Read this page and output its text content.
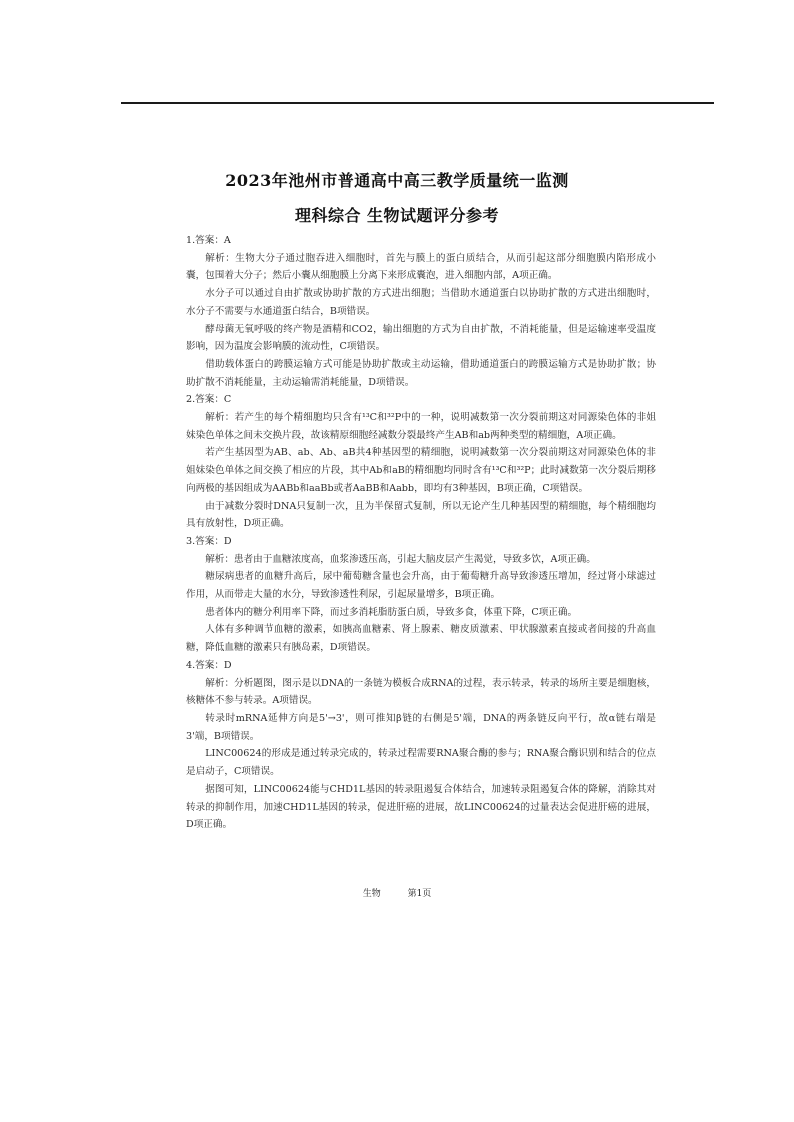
2023年池州市普通高中高三教学质量统一监测
理科综合 生物试题评分参考

1.答案：A

解析：生物大分子通过胞吞进入细胞时，首先与膜上的蛋白质结合，从而引起这部分细胞膜内陷形成小囊，包围着大分子；然后小囊从细胞膜上分离下来形成囊泡，进入细胞内部，A项正确。

水分子可以通过自由扩散或协助扩散的方式进出细胞；当借助水通道蛋白以协助扩散的方式进出细胞时，水分子不需要与水通道蛋白结合，B项错误。

酵母菌无氧呼吸的终产物是酒精和CO2，输出细胞的方式为自由扩散，不消耗能量，但是运输速率受温度影响，因为温度会影响膜的流动性，C项错误。

借助载体蛋白的跨膜运输方式可能是协助扩散或主动运输，借助通道蛋白的跨膜运输方式是协助扩散；协助扩散不消耗能量，主动运输需消耗能量，D项错误。

2.答案：C

解析：若产生的每个精细胞均只含有¹³C和³²P中的一种，说明减数第一次分裂前期这对同源染色体的非姐妹染色单体之间未交换片段，故该精原细胞经减数分裂最终产生AB和ab两种类型的精细胞，A项正确。

若产生基因型为AB、ab、Ab、aB共4种基因型的精细胞，说明减数第一次分裂前期这对同源染色体的非姐妹染色单体之间交换了相应的片段，其中Ab和aB的精细胞均同时含有¹³C和³²P；此时减数第一次分裂后期移向两极的基因组成为AABb和aaBb或者AaBB和Aabb，即均有3种基因，B项正确，C项错误。

由于减数分裂时DNA只复制一次，且为半保留式复制，所以无论产生几种基因型的精细胞，每个精细胞均具有放射性，D项正确。

3.答案：D

解析：患者由于血糖浓度高，血浆渗透压高，引起大脑皮层产生渴觉，导致多饮，A项正确。

糖尿病患者的血糖升高后，尿中葡萄糖含量也会升高，由于葡萄糖升高导致渗透压增加，经过肾小球滤过作用，从而带走大量的水分，导致渗透性利尿，引起尿量增多，B项正确。

患者体内的糖分利用率下降，而过多消耗脂肪蛋白质，导致多食，体重下降，C项正确。

人体有多种调节血糖的激素，如胰高血糖素、肾上腺素、糖皮质激素、甲状腺激素直接或者间接的升高血糖，降低血糖的激素只有胰岛素，D项错误。

4.答案：D

解析：分析题图，图示是以DNA的一条链为模板合成RNA的过程，表示转录，转录的场所主要是细胞核，核糖体不参与转录。A项错误。

转录时mRNA延伸方向是5'→3'，则可推知β链的右侧是5'端，DNA的两条链反向平行，故α链右端是3'端，B项错误。

LINC00624的形成是通过转录完成的，转录过程需要RNA聚合酶的参与；RNA聚合酶识别和结合的位点是启动子，C项错误。

据图可知，LINC00624能与CHD1L基因的转录阻遏复合体结合，加速转录阻遏复合体的降解，消除其对转录的抑制作用，加速CHD1L基因的转录，促进肝癌的进展，故LINC00624的过量表达会促进肝癌的进展，D项正确。

生物	第1页
